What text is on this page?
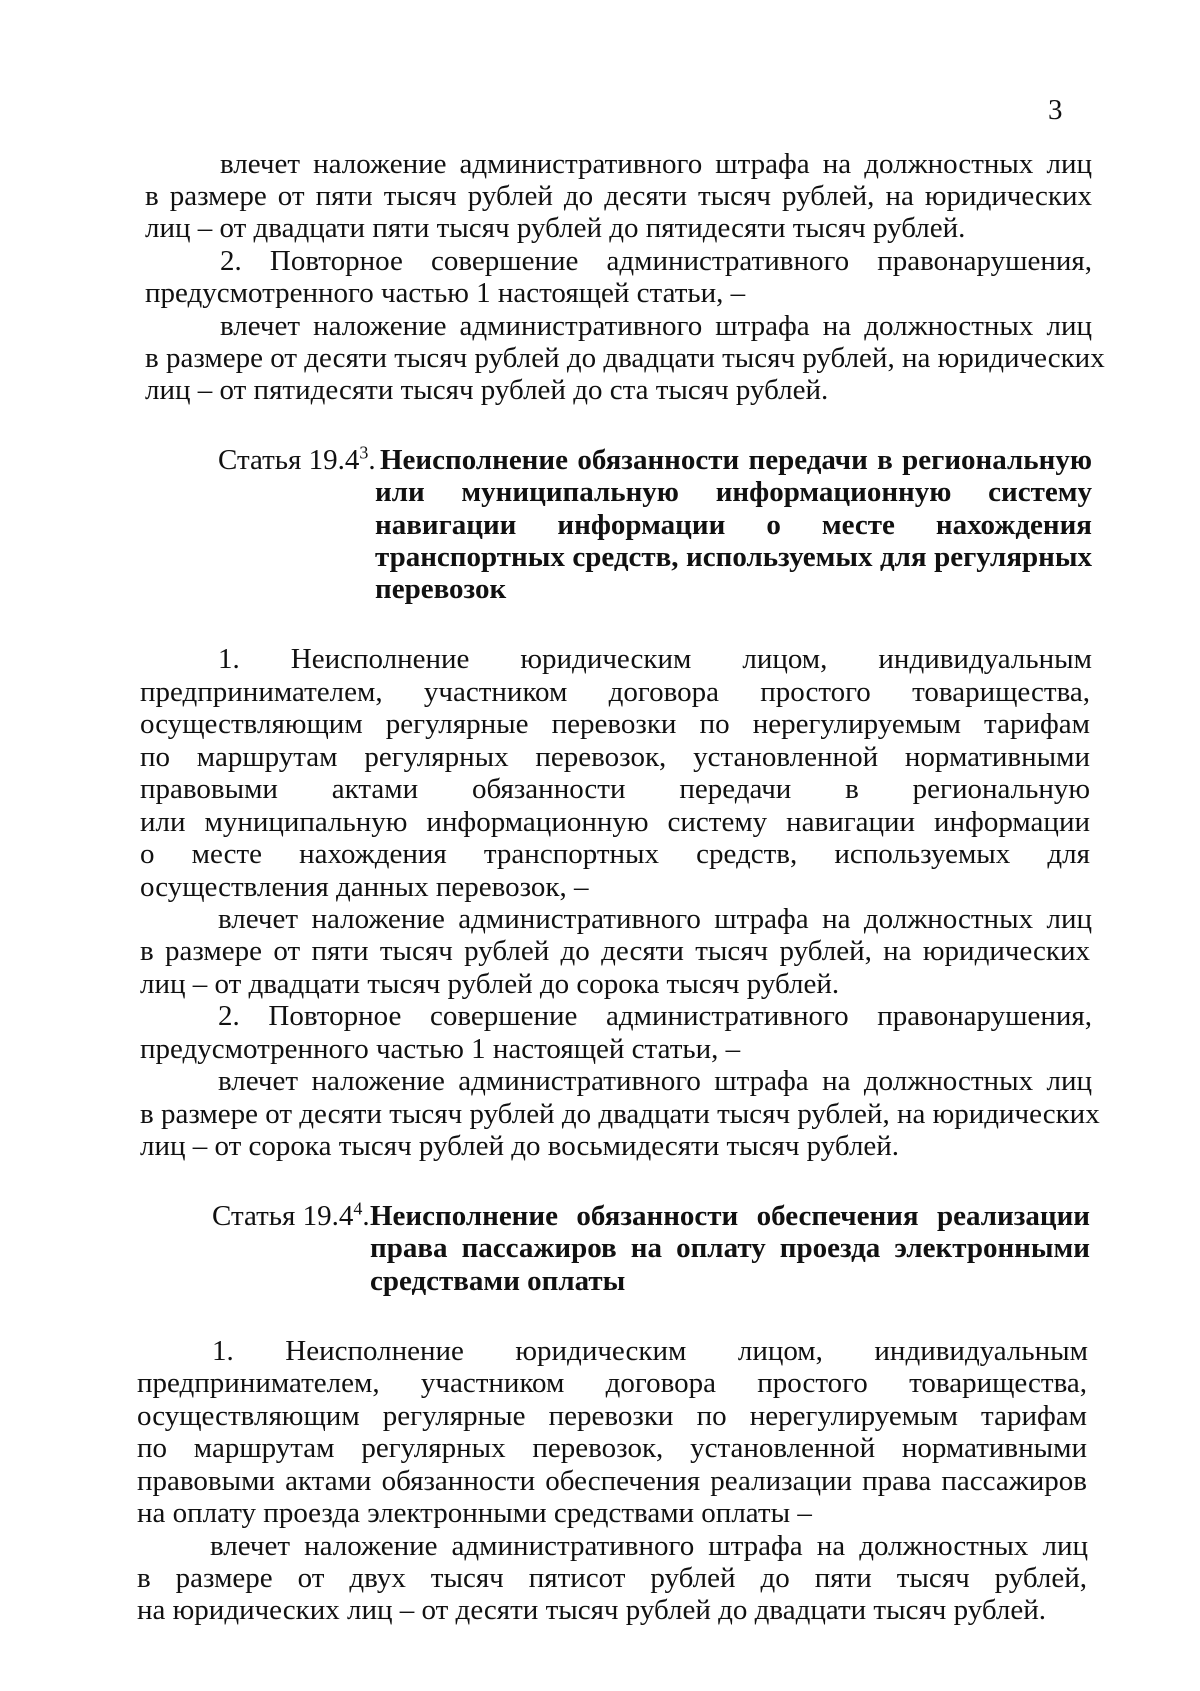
3
влечет наложение административного штрафа на должностных лиц
в размере от пяти тысяч рублей до десяти тысяч рублей, на юридических
лиц – от двадцати пяти тысяч рублей до пятидесяти тысяч рублей.
2. Повторное совершение административного правонарушения,
предусмотренного частью 1 настоящей статьи, –
влечет наложение административного штрафа на должностных лиц
в размере от десяти тысяч рублей до двадцати тысяч рублей, на юридических
лиц – от пятидесяти тысяч рублей до ста тысяч рублей.
Статья 19.4$^3$. Неисполнение обязанности передачи в региональную
или муниципальную информационную систему
навигации информации о месте нахождения
транспортных средств, используемых для регулярных
перевозок
1. Неисполнение юридическим лицом, индивидуальным
предпринимателем, участником договора простого товарищества,
осуществляющим регулярные перевозки по нерегулируемым тарифам
по маршрутам регулярных перевозок, установленной нормативными
правовыми актами обязанности передачи в региональную
или муниципальную информационную систему навигации информации
о месте нахождения транспортных средств, используемых для
осуществления данных перевозок, –
влечет наложение административного штрафа на должностных лиц
в размере от пяти тысяч рублей до десяти тысяч рублей, на юридических
лиц – от двадцати тысяч рублей до сорока тысяч рублей.
2. Повторное совершение административного правонарушения,
предусмотренного частью 1 настоящей статьи, –
влечет наложение административного штрафа на должностных лиц
в размере от десяти тысяч рублей до двадцати тысяч рублей, на юридических
лиц – от сорока тысяч рублей до восьмидесяти тысяч рублей.
Статья 19.4$^4$. Неисполнение обязанности обеспечения реализации
права пассажиров на оплату проезда электронными
средствами оплаты
1. Неисполнение юридическим лицом, индивидуальным
предпринимателем, участником договора простого товарищества,
осуществляющим регулярные перевозки по нерегулируемым тарифам
по маршрутам регулярных перевозок, установленной нормативными
правовыми актами обязанности обеспечения реализации права пассажиров
на оплату проезда электронными средствами оплаты –
влечет наложение административного штрафа на должностных лиц
в размере от двух тысяч пятисот рублей до пяти тысяч рублей,
на юридических лиц – от десяти тысяч рублей до двадцати тысяч рублей.
